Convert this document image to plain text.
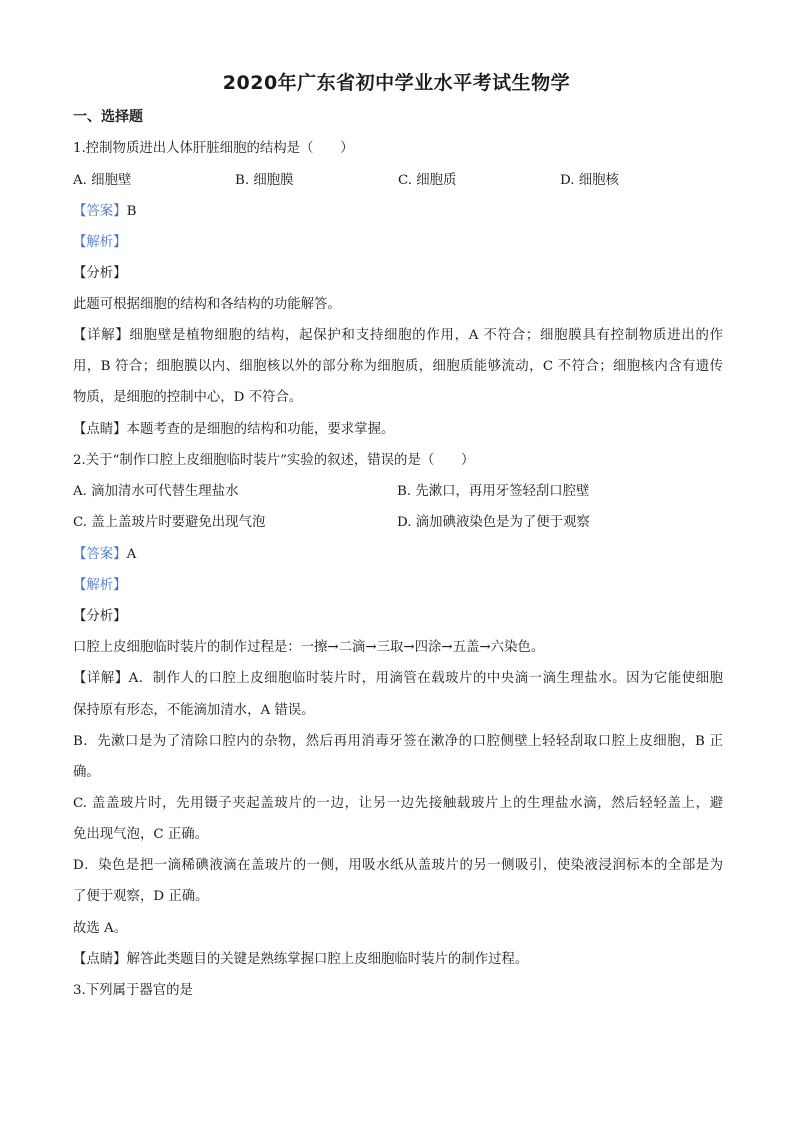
2020年广东省初中学业水平考试生物学
一、选择题
1.控制物质进出人体肝脏细胞的结构是（　　）
A. 细胞壁	B. 细胞膜	C. 细胞质	D. 细胞核
【答案】B
【解析】
【分析】
此题可根据细胞的结构和各结构的功能解答。
【详解】细胞壁是植物细胞的结构，起保护和支持细胞的作用，A 不符合；细胞膜具有控制物质进出的作
用，B 符合；细胞膜以内、细胞核以外的部分称为细胞质，细胞质能够流动，C 不符合；细胞核内含有遗传
物质，是细胞的控制中心，D 不符合。
【点睛】本题考查的是细胞的结构和功能，要求掌握。
2.关于“制作口腔上皮细胞临时装片”实验的叙述，错误的是（　　）
A. 滴加清水可代替生理盐水	B. 先漱口，再用牙签轻刮口腔壁
C. 盖上盖玻片时要避免出现气泡	D. 滴加碘液染色是为了便于观察
【答案】A
【解析】
【分析】
口腔上皮细胞临时装片的制作过程是：一擦→二滴→三取→四涂→五盖→六染色。
【详解】A．制作人的口腔上皮细胞临时装片时，用滴管在载玻片的中央滴一滴生理盐水。因为它能使细胞
保持原有形态，不能滴加清水，A 错误。
B．先漱口是为了清除口腔内的杂物，然后再用消毒牙签在漱净的口腔侧壁上轻轻刮取口腔上皮细胞，B 正
确。
C. 盖盖玻片时，先用镊子夹起盖玻片的一边，让另一边先接触载玻片上的生理盐水滴，然后轻轻盖上，避
免出现气泡，C 正确。
D．染色是把一滴稀碘液滴在盖玻片的一侧，用吸水纸从盖玻片的另一侧吸引，使染液浸润标本的全部是为
了便于观察，D 正确。
故选 A。
【点睛】解答此类题目的关键是熟练掌握口腔上皮细胞临时装片的制作过程。
3.下列属于器官的是
